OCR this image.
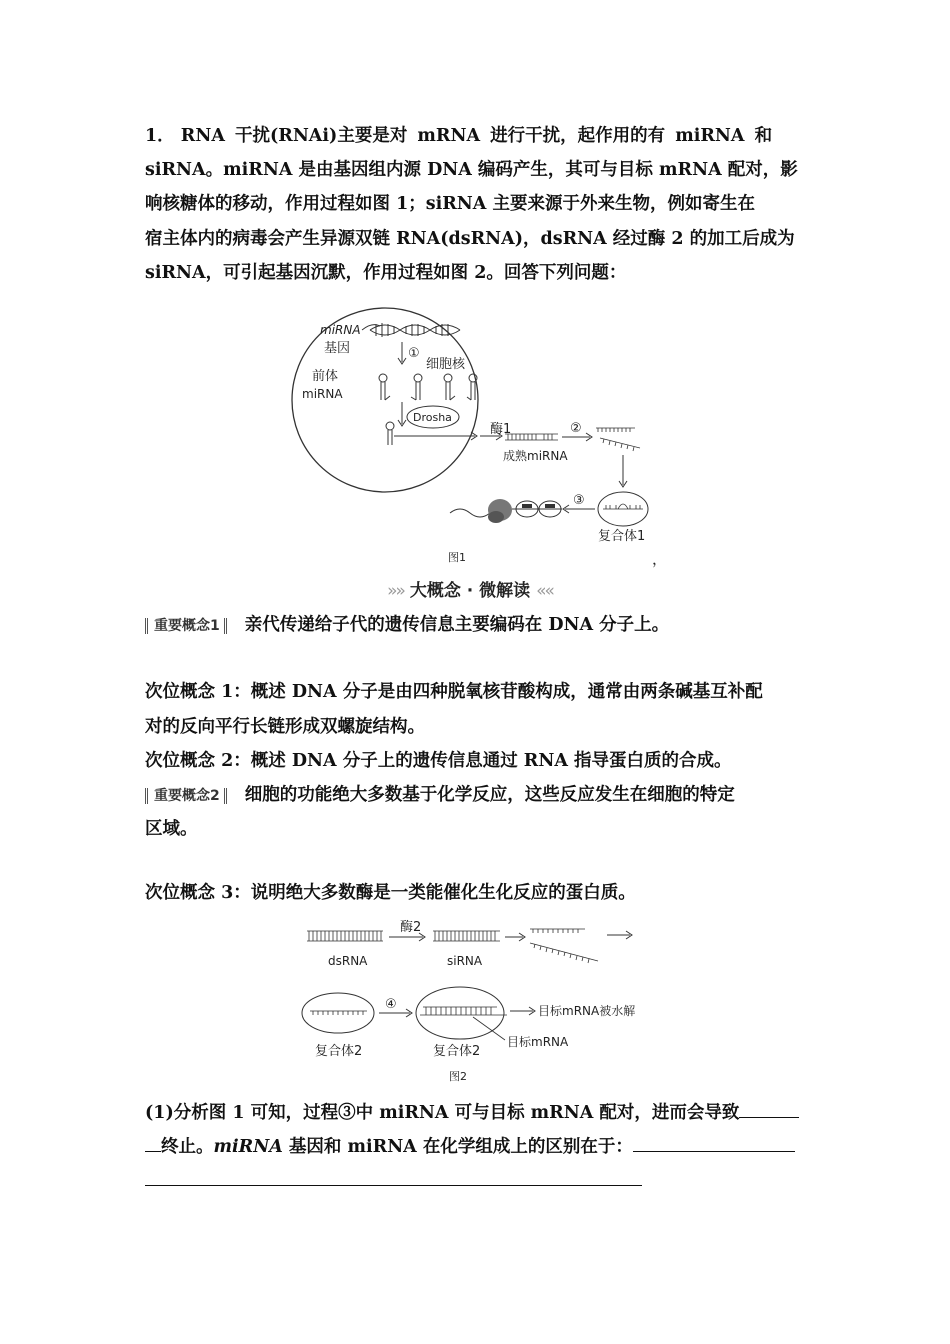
1． RNA 干扰(RNAi)主要是对 mRNA 进行干扰，起作用的有 miRNA 和
siRNA。miRNA 是由基因组内源 DNA 编码产生，其可与目标 mRNA 配对，影
响核糖体的移动，作用过程如图 1；siRNA 主要来源于外来生物，例如寄生在
宿主体内的病毒会产生异源双链 RNA(dsRNA)，dsRNA 经过酶 2 的加工后成为
siRNA，可引起基因沉默，作用过程如图 2。回答下列问题：
miRNA
基因	①
细胞核
前体
miRNA
Drosha
酶1
成熟miRNA
②
复合体1
③
图1	，
»» 大概念 · 微解读 ««
重要概念1 亲代传递给子代的遗传信息主要编码在 DNA 分子上。
次位概念 1：概述 DNA 分子是由四种脱氧核苷酸构成，通常由两条碱基互补配
对的反向平行长链形成双螺旋结构。
次位概念 2：概述 DNA 分子上的遗传信息通过 RNA 指导蛋白质的合成。
重要概念2 细胞的功能绝大多数基于化学反应，这些反应发生在细胞的特定
区域。
次位概念 3：说明绝大多数酶是一类能催化生化反应的蛋白质。
dsRNA
酶2
siRNA
复合体2
④
目标mRNA
复合体2
目标mRNA被水解
图2
(1)分析图 1 可知，过程③中 miRNA 可与目标 mRNA 配对，进而会导致
终止。miRNA 基因和 miRNA 在化学组成上的区别在于：
